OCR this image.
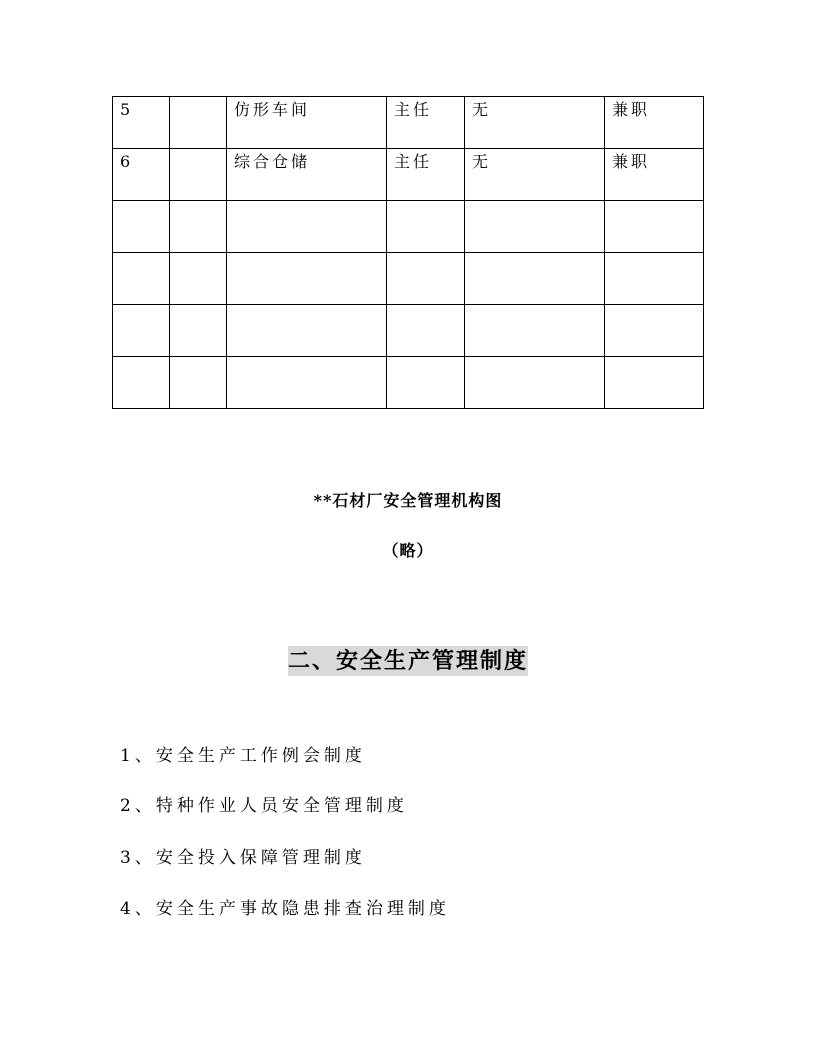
5		仿形车间	主任	无	兼职
6		综合仓储	主任	无	兼职

**石材厂安全管理机构图
（略）
二、安全生产管理制度
1、安全生产工作例会制度
2、特种作业人员安全管理制度
3、安全投入保障管理制度
4、安全生产事故隐患排查治理制度
